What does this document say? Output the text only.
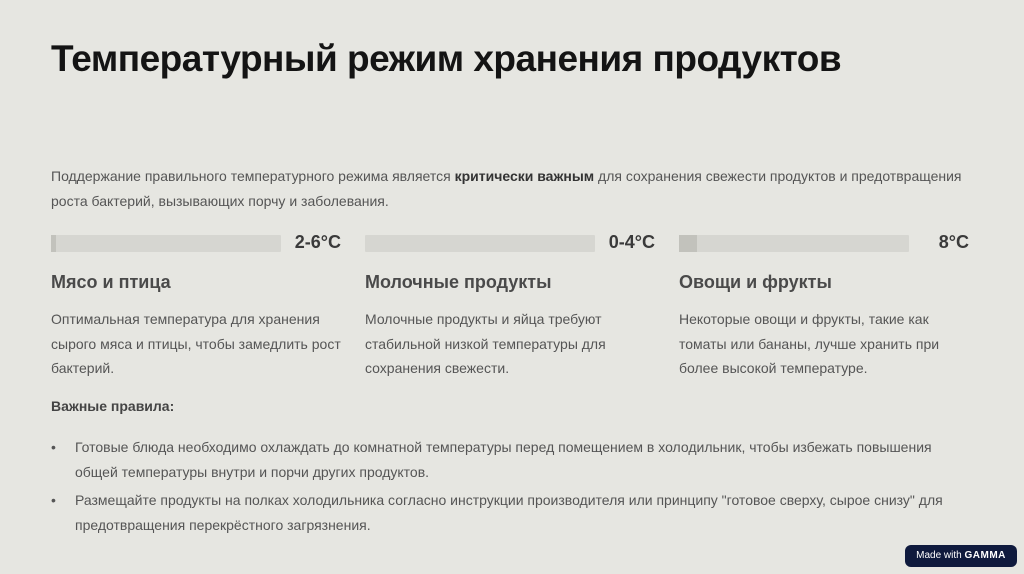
Температурный режим хранения продуктов
Поддержание правильного температурного режима является критически важным для сохранения свежести продуктов и предотвращения роста бактерий, вызывающих порчу и заболевания.
2-6°C
Мясо и птица
Оптимальная температура для хранения сырого мяса и птицы, чтобы замедлить рост бактерий.
0-4°C
Молочные продукты
Молочные продукты и яйца требуют стабильной низкой температуры для сохранения свежести.
8°C
Овощи и фрукты
Некоторые овощи и фрукты, такие как томаты или бананы, лучше хранить при более высокой температуре.
Важные правила:
• Готовые блюда необходимо охлаждать до комнатной температуры перед помещением в холодильник, чтобы избежать повышения общей температуры внутри и порчи других продуктов.
• Размещайте продукты на полках холодильника согласно инструкции производителя или принципу "готовое сверху, сырое снизу" для предотвращения перекрёстного загрязнения.
Made with GAMMA
